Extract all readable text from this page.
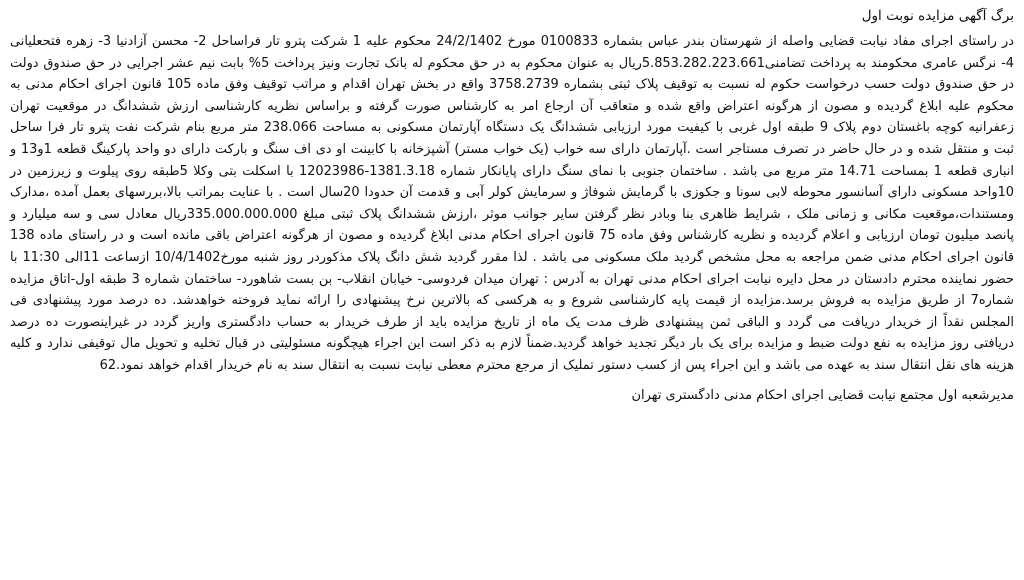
برگ آگهی مزایده نوبت اول

در راستای اجرای مفاد نیابت قضایی واصله از شهرستان بندر عباس بشماره 0100833 مورخ 24/2/1402 محکوم علیه 1 شرکت پترو تار فراساحل 2- محسن آزادنیا 3- زهره فتحعلیانی 4- نرگس عامری محکومند به پرداخت تضامنی5.853.282.223.661ریال به عنوان محکوم به در حق محکوم له بانک تجارت ونیز پرداخت 5% بابت نیم عشر اجرایی در حق صندوق دولت در حق صندوق دولت حسب درخواست حکوم له نسبت به توقیف پلاک ثبتی بشماره 3758.2739 واقع در بخش تهران اقدام و مراتب توقیف وفق ماده 105 قانون اجرای احکام مدنی به محکوم علیه ابلاغ گردیده و مصون از هرگونه اعتراض واقع شده و متعاقب آن ارجاع امر به کارشناس صورت گرفته و براساس نظریه کارشناسی ارزش ششدانگ در موقعیت تهران زعفرانیه کوچه باغستان دوم پلاک 9 طبقه اول غربی با کیفیت مورد ارزیابی ششدانگ یک دستگاه آپارتمان مسکونی به مساحت 238.066 متر مربع بنام شرکت نفت پترو تار فرا ساحل ثبت و منتقل شده و در حال حاضر در تصرف مستاجر است .آپارتمان دارای سه خواب (یک خواب مستر) آشپزخانه با کابینت او دی اف سنگ و بارکت دارای دو واحد پارکینگ قطعه 1و13 و انباری قطعه 1 بمساحت 14.71 متر مربع می باشد . ساختمان جنوبی با نمای سنگ دارای پایانکار شماره 1381.3.18-12023986 با اسکلت بتی وکلا 5طبقه روی پیلوت و زیرزمین در 10واحد مسکونی دارای آسانسور محوطه لابی سونا و جکوزی با گرمایش شوفاژ و سرمایش کولر آبی و قدمت آن حدودا 20سال است . با عنایت بمراتب بالا،بررسهای بعمل آمده ،مدارک ومستندات،موقعیت مکانی و زمانی ملک ، شرایط ظاهری بنا وبادر نظر گرفتن سایر جوانب موثر ،ارزش ششدانگ پلاک ثبتی مبلغ 335.000.000.000ریال معادل سی و سه میلیارد و پانصد میلیون تومان ارزیابی و اعلام گردیده و نظریه کارشناس وفق ماده 75 قانون اجرای احکام مدنی ابلاغ گردیده و مصون از هرگونه اعتراض باقی مانده است و در راستای ماده 138 قانون اجرای احکام مدنی ضمن مراجعه به محل مشخص گردید ملک مسکونی می باشد . لذا مقرر گردید شش دانگ پلاک مذکوردر روز شنبه مورخ10/4/1402 ازساعت 11الی 11:30 با حضور نماینده محترم دادستان در محل دایره نیابت اجرای احکام مدنی تهران به آدرس : تهران میدان فردوسی- خیابان انقلاب- بن بست شاهورد- ساختمان شماره 3 طبقه اول-اتاق مزایده شماره7 از طریق مزایده به فروش برسد.مزایده از قیمت پایه کارشناسی شروع و به هرکسی که بالاترین نرخ پیشنهادی را ارائه نماید فروخته خواهدشد. ده درصد مورد پیشنهادی فی المجلس نقداً از خریدار دریافت می گردد و الباقی ثمن پیشنهادی ظرف مدت یک ماه از تاریخ مزایده باید از طرف خریدار به حساب دادگستری واریز گردد در غیراینصورت ده درصد دریافتی روز مزایده به نفع دولت ضبط و مزایده برای یک بار دیگر تجدید خواهد گردید.ضمناً لازم به ذکر است این اجراء هیچگونه مسئولیتی در قبال تخلیه و تحویل مال توقیفی ندارد و کلیه هزینه های نقل انتقال سند به عهده می باشد و این اجراء پس از کسب دستور تملیک از مرجع محترم معطی نیابت نسبت به انتقال سند به نام خریدار اقدام خواهد نمود.62

مدیرشعبه اول مجتمع نیابت قضایی اجرای احکام مدنی دادگستری تهران
